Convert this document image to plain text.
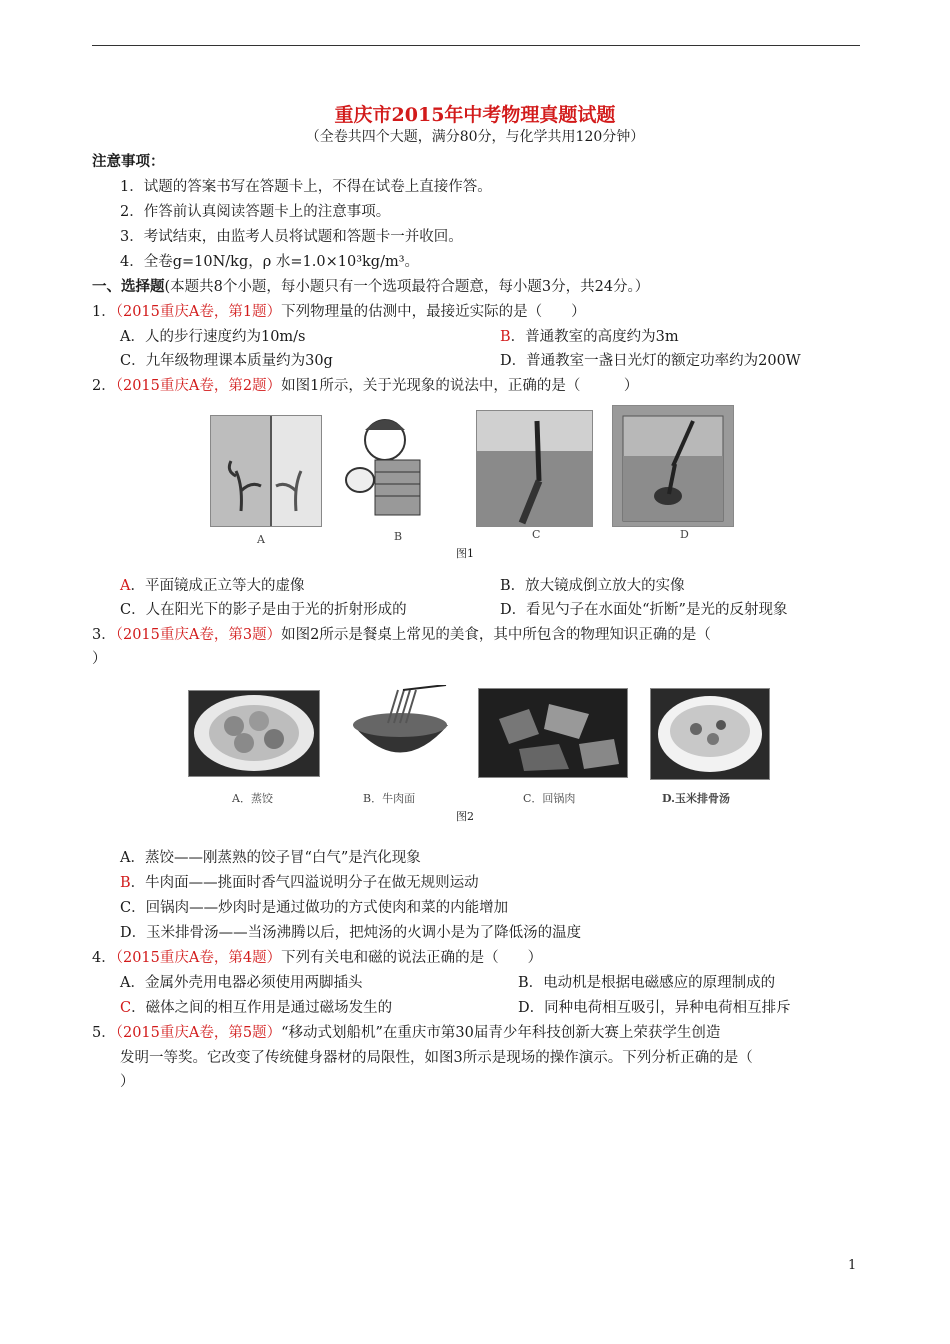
重庆市2015年中考物理真题试题
（全卷共四个大题，满分80分，与化学共用120分钟）
注意事项：
1．试题的答案书写在答题卡上，不得在试卷上直接作答。
2．作答前认真阅读答题卡上的注意事项。
3．考试结束，由监考人员将试题和答题卡一并收回。
4．全卷g=10N/kg，ρ 水=1.0×10³kg/m³。
一、选择题(本题共8个小题，每小题只有一个选项最符合题意，每小题3分，共24分。）
1．（2015重庆A卷，第1题）下列物理量的估测中，最接近实际的是（　　）
A．人的步行速度约为10m/s	B．普通教室的高度约为3m
C．九年级物理课本质量约为30g	D．普通教室一盏日光灯的额定功率约为200W
2．（2015重庆A卷，第2题）如图1所示，关于光现象的说法中，正确的是（　　　）
A	B	C	D
图1
A．平面镜成正立等大的虚像	B．放大镜成倒立放大的实像
C．人在阳光下的影子是由于光的折射形成的	D．看见勺子在水面处“折断”是光的反射现象
3．（2015重庆A卷，第3题）如图2所示是餐桌上常见的美食，其中所包含的物理知识正确的是（
）
A．蒸饺	B．牛肉面	C．回锅肉	D.玉米排骨汤
图2
A．蒸饺——刚蒸熟的饺子冒“白气”是汽化现象
B．牛肉面——挑面时香气四溢说明分子在做无规则运动
C．回锅肉——炒肉时是通过做功的方式使肉和菜的内能增加
D．玉米排骨汤——当汤沸腾以后，把炖汤的火调小是为了降低汤的温度
4．（2015重庆A卷，第4题）下列有关电和磁的说法正确的是（　　）
A．金属外壳用电器必须使用两脚插头	B．电动机是根据电磁感应的原理制成的
C．磁体之间的相互作用是通过磁场发生的	D．同种电荷相互吸引，异种电荷相互排斥
5．（2015重庆A卷，第5题）“移动式划船机”在重庆市第30届青少年科技创新大赛上荣获学生创造
发明一等奖。它改变了传统健身器材的局限性，如图3所示是现场的操作演示。下列分析正确的是（
）
1
